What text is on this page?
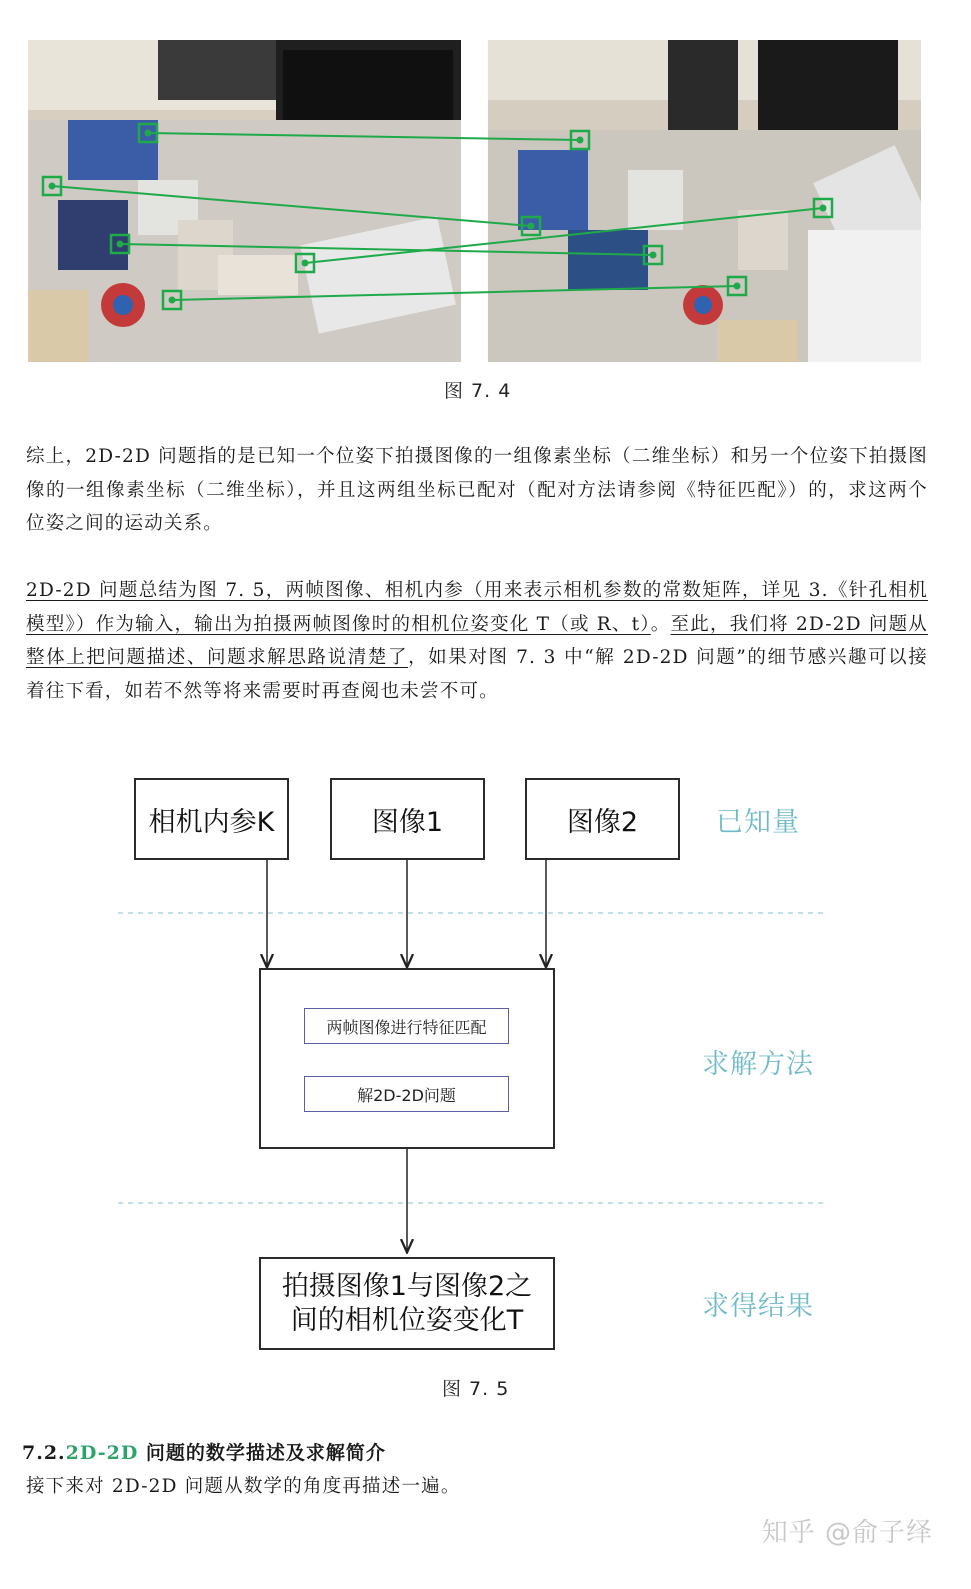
图 7. 4
综上，2D-2D 问题指的是已知一个位姿下拍摄图像的一组像素坐标（二维坐标）和另一个位姿下拍摄图像的一组像素坐标（二维坐标），并且这两组坐标已配对（配对方法请参阅《特征匹配》）的，求这两个位姿之间的运动关系。
2D-2D 问题总结为图 7. 5，两帧图像、相机内参（用来表示相机参数的常数矩阵，详见 3.《针孔相机模型》）作为输入，输出为拍摄两帧图像时的相机位姿变化 T（或 R、t）。至此，我们将 2D-2D 问题从整体上把问题描述、问题求解思路说清楚了，如果对图 7. 3 中“解 2D-2D 问题”的细节感兴趣可以接着往下看，如若不然等将来需要时再查阅也未尝不可。
相机内参K	图像1	图像2	已知量
两帧图像进行特征匹配
解2D-2D问题
求解方法
拍摄图像1与图像2之
间的相机位姿变化T	求得结果
图 7. 5
7.2.2D-2D 问题的数学描述及求解简介
接下来对 2D-2D 问题从数学的角度再描述一遍。
知乎 @俞子绎
